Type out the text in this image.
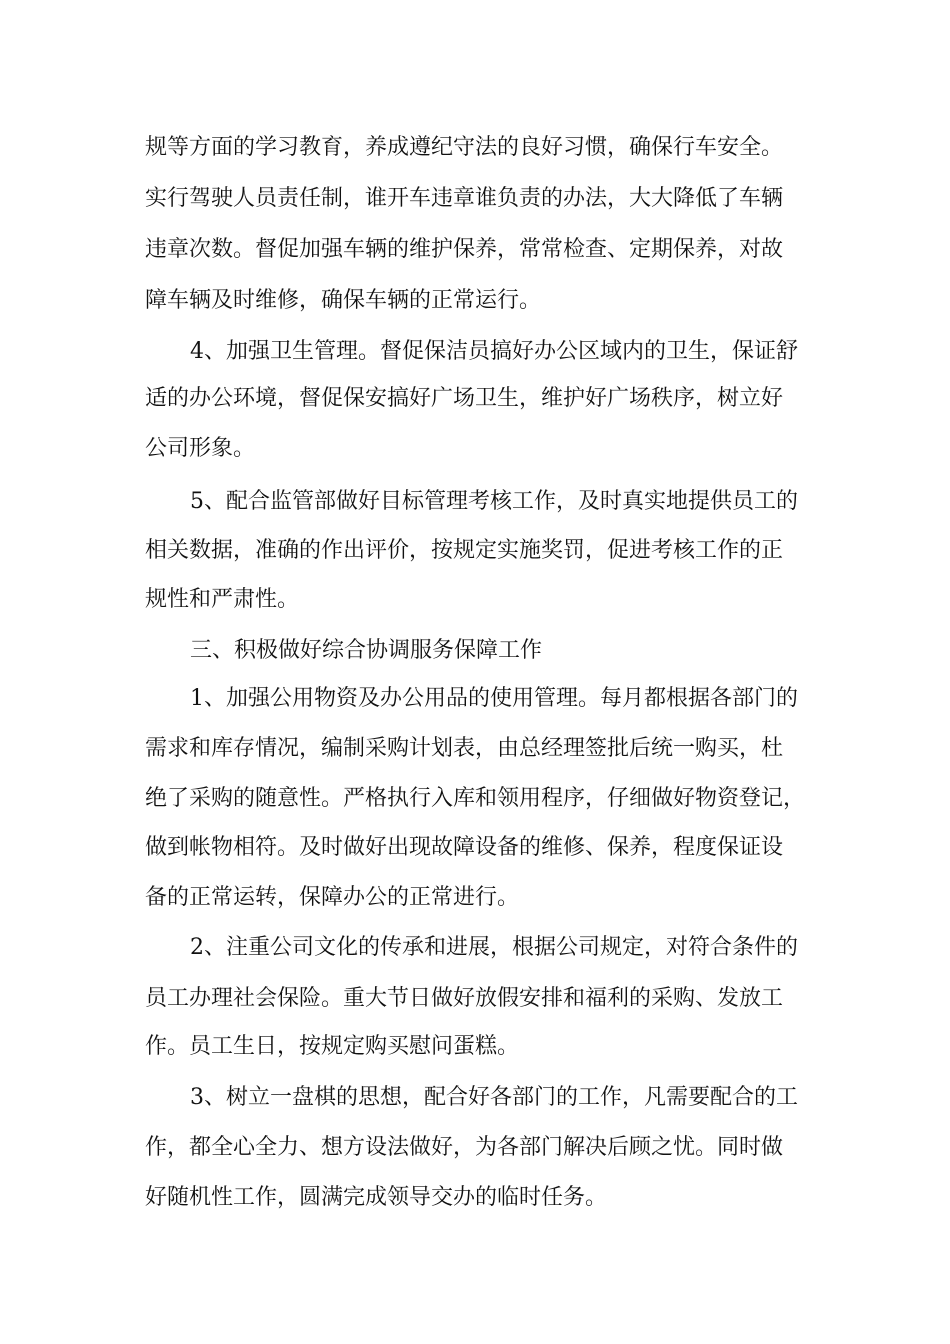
规等方面的学习教育，养成遵纪守法的良好习惯，确保行车安全。
实行驾驶人员责任制，谁开车违章谁负责的办法，大大降低了车辆
违章次数。督促加强车辆的维护保养，常常检查、定期保养，对故
障车辆及时维修，确保车辆的正常运行。
4、加强卫生管理。督促保洁员搞好办公区域内的卫生，保证舒
适的办公环境，督促保安搞好广场卫生，维护好广场秩序，树立好
公司形象。
5、配合监管部做好目标管理考核工作，及时真实地提供员工的
相关数据，准确的作出评价，按规定实施奖罚，促进考核工作的正
规性和严肃性。
三、积极做好综合协调服务保障工作
1、加强公用物资及办公用品的使用管理。每月都根据各部门的
需求和库存情况，编制采购计划表，由总经理签批后统一购买，杜
绝了采购的随意性。严格执行入库和领用程序，仔细做好物资登记，
做到帐物相符。及时做好出现故障设备的维修、保养，程度保证设
备的正常运转，保障办公的正常进行。
2、注重公司文化的传承和进展，根据公司规定，对符合条件的
员工办理社会保险。重大节日做好放假安排和福利的采购、发放工
作。员工生日，按规定购买慰问蛋糕。
3、树立一盘棋的思想，配合好各部门的工作，凡需要配合的工
作，都全心全力、想方设法做好，为各部门解决后顾之忧。同时做
好随机性工作，圆满完成领导交办的临时任务。
